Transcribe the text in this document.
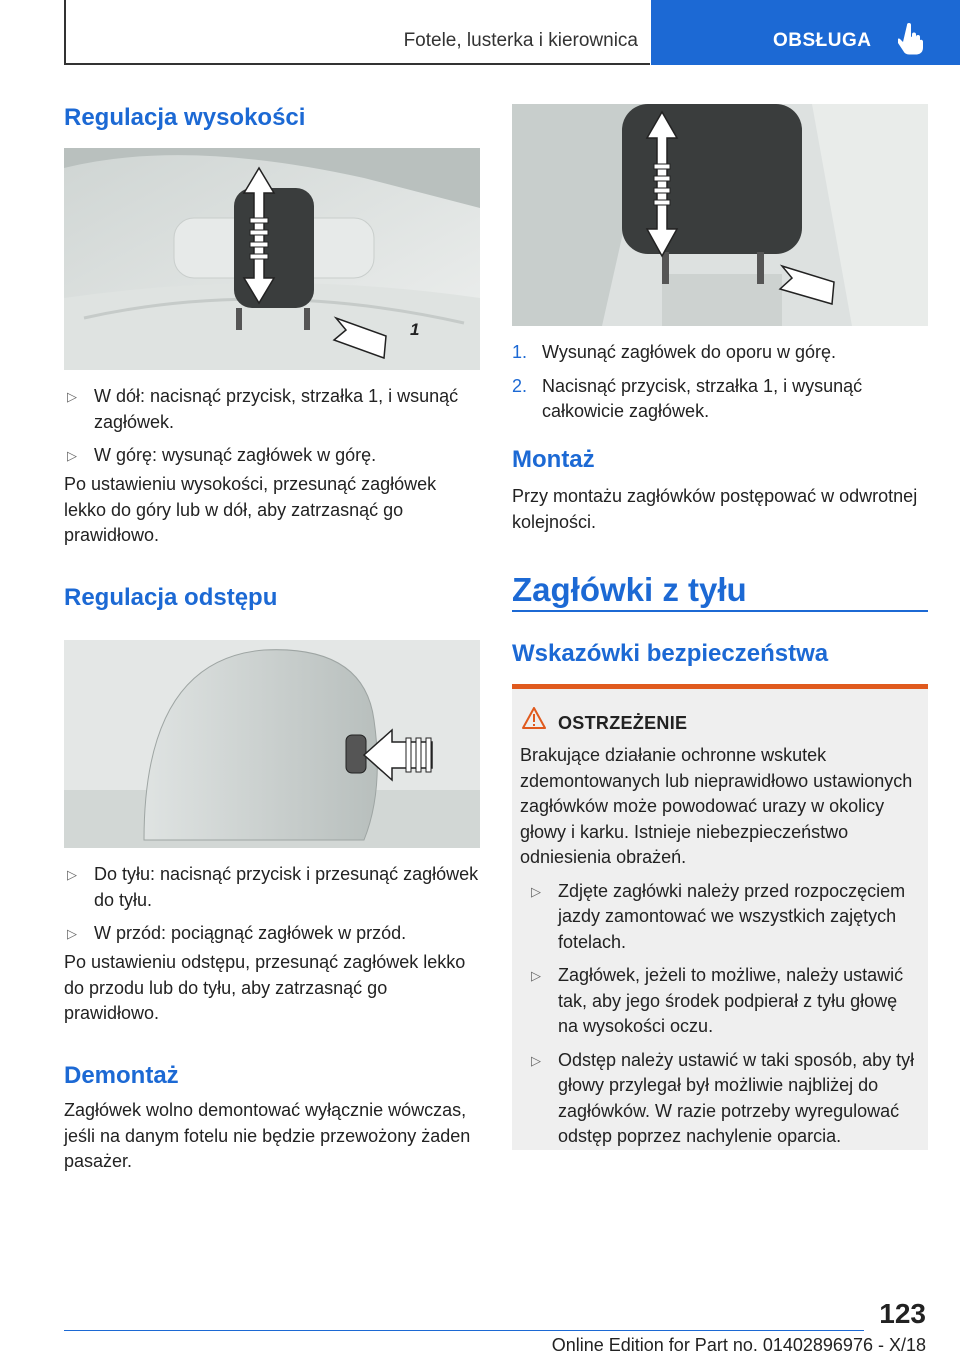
Fotele, lusterka i kierownica	OBSŁUGA
Regulacja wysokości
1
▷ W dół: nacisnąć przycisk, strzałka 1, i wsunąć zagłówek.
▷ W górę: wysunąć zagłówek w górę.

Po ustawieniu wysokości, przesunąć zagłówek lekko do góry lub w dół, aby zatrzasnąć go prawidłowo.

Regulacja odstępu
▷ Do tyłu: nacisnąć przycisk i przesunąć zagłówek do tyłu.
▷ W przód: pociągnąć zagłówek w przód.

Po ustawieniu odstępu, przesunąć zagłówek lekko do przodu lub do tyłu, aby zatrzasnąć go prawidłowo.

Demontaż

Zagłówek wolno demontować wyłącznie wówczas, jeśli na danym fotelu nie będzie przewożony żaden pasażer.

1. Wysunąć zagłówek do oporu w górę.
2. Nacisnąć przycisk, strzałka 1, i wysunąć całkowicie zagłówek.
Montaż

Przy montażu zagłówków postępować w odwrotnej kolejności.

Zagłówki z tyłu
Wskazówki bezpieczeństwa
OSTRZEŻENIE

Brakujące działanie ochronne wskutek zdemontowanych lub nieprawidłowo ustawionych zagłówków może powodować urazy w okolicy głowy i karku. Istnieje niebezpieczeństwo odniesienia obrażeń.

▷ Zdjęte zagłówki należy przed rozpoczęciem jazdy zamontować we wszystkich zajętych fotelach.
▷ Zagłówek, jeżeli to możliwe, należy ustawić tak, aby jego środek podpierał z tyłu głowę na wysokości oczu.
▷ Odstęp należy ustawić w taki sposób, aby tył głowy przylegał był możliwie najbliżej do zagłówków. W razie potrzeby wyregulować odstęp poprzez nachylenie oparcia.
123
Online Edition for Part no. 01402896976 - X/18
